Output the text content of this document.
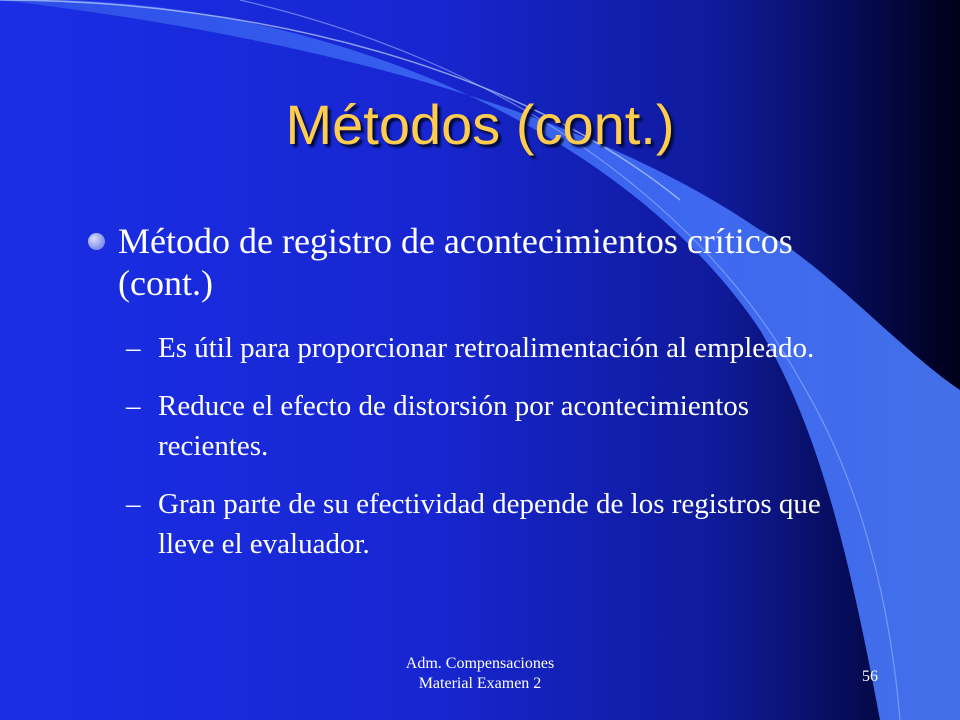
Métodos (cont.)
Método de registro de acontecimientos críticos (cont.)
– Es útil para proporcionar retroalimentación al empleado.
– Reduce el efecto de distorsión por acontecimientos recientes.
– Gran parte de su efectividad depende de los registros que lleve el evaluador.
Adm. Compensaciones
Material Examen 2	56
